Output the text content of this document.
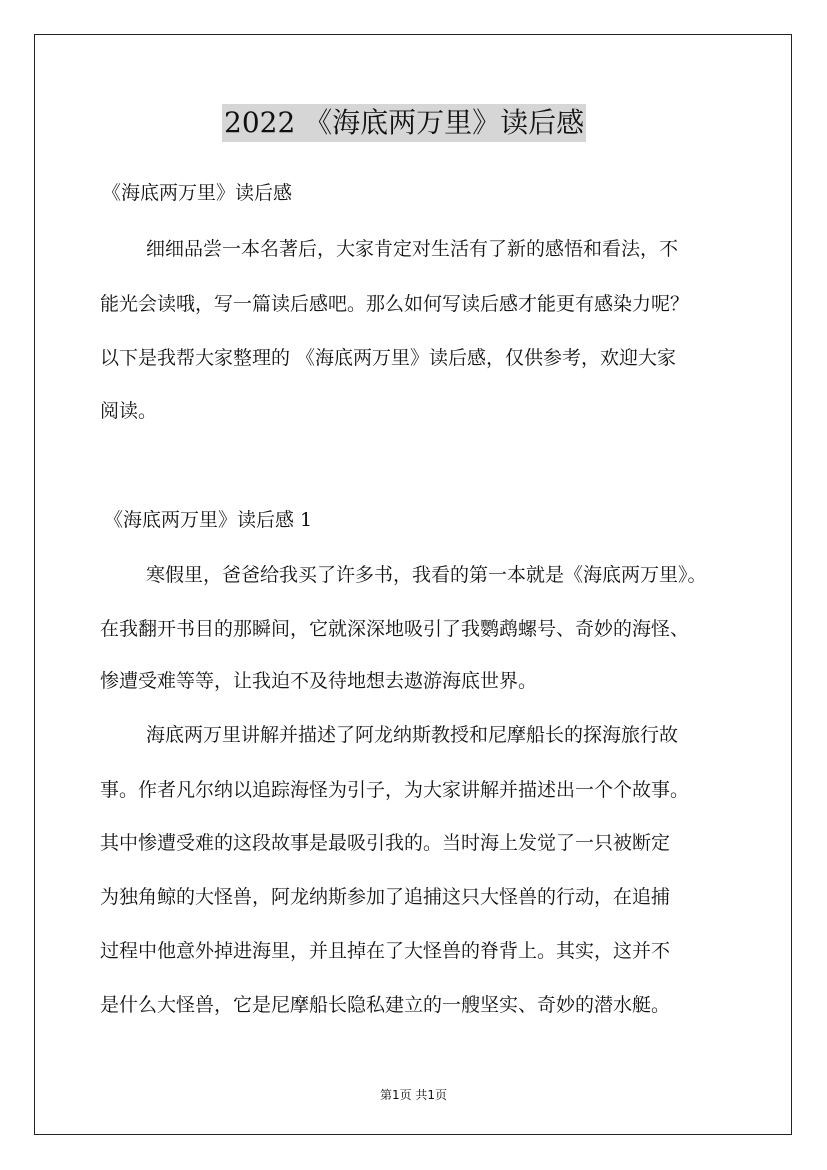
2022 《海底两万里》读后感
《海底两万里》读后感
细细品尝一本名著后，大家肯定对生活有了新的感悟和看法，不
能光会读哦，写一篇读后感吧。那么如何写读后感才能更有感染力呢？
以下是我帮大家整理的 《海底两万里》读后感，仅供参考，欢迎大家
阅读。
《海底两万里》读后感 1
寒假里，爸爸给我买了许多书，我看的第一本就是《海底两万里》。
在我翻开书目的那瞬间，它就深深地吸引了我鹦鹉螺号、奇妙的海怪、
惨遭受难等等，让我迫不及待地想去遨游海底世界。
海底两万里讲解并描述了阿龙纳斯教授和尼摩船长的探海旅行故
事。作者凡尔纳以追踪海怪为引子，为大家讲解并描述出一个个故事。
其中惨遭受难的这段故事是最吸引我的。当时海上发觉了一只被断定
为独角鲸的大怪兽，阿龙纳斯参加了追捕这只大怪兽的行动，在追捕
过程中他意外掉进海里，并且掉在了大怪兽的脊背上。其实，这并不
是什么大怪兽，它是尼摩船长隐私建立的一艘坚实、奇妙的潜水艇。
第1页 共1页
